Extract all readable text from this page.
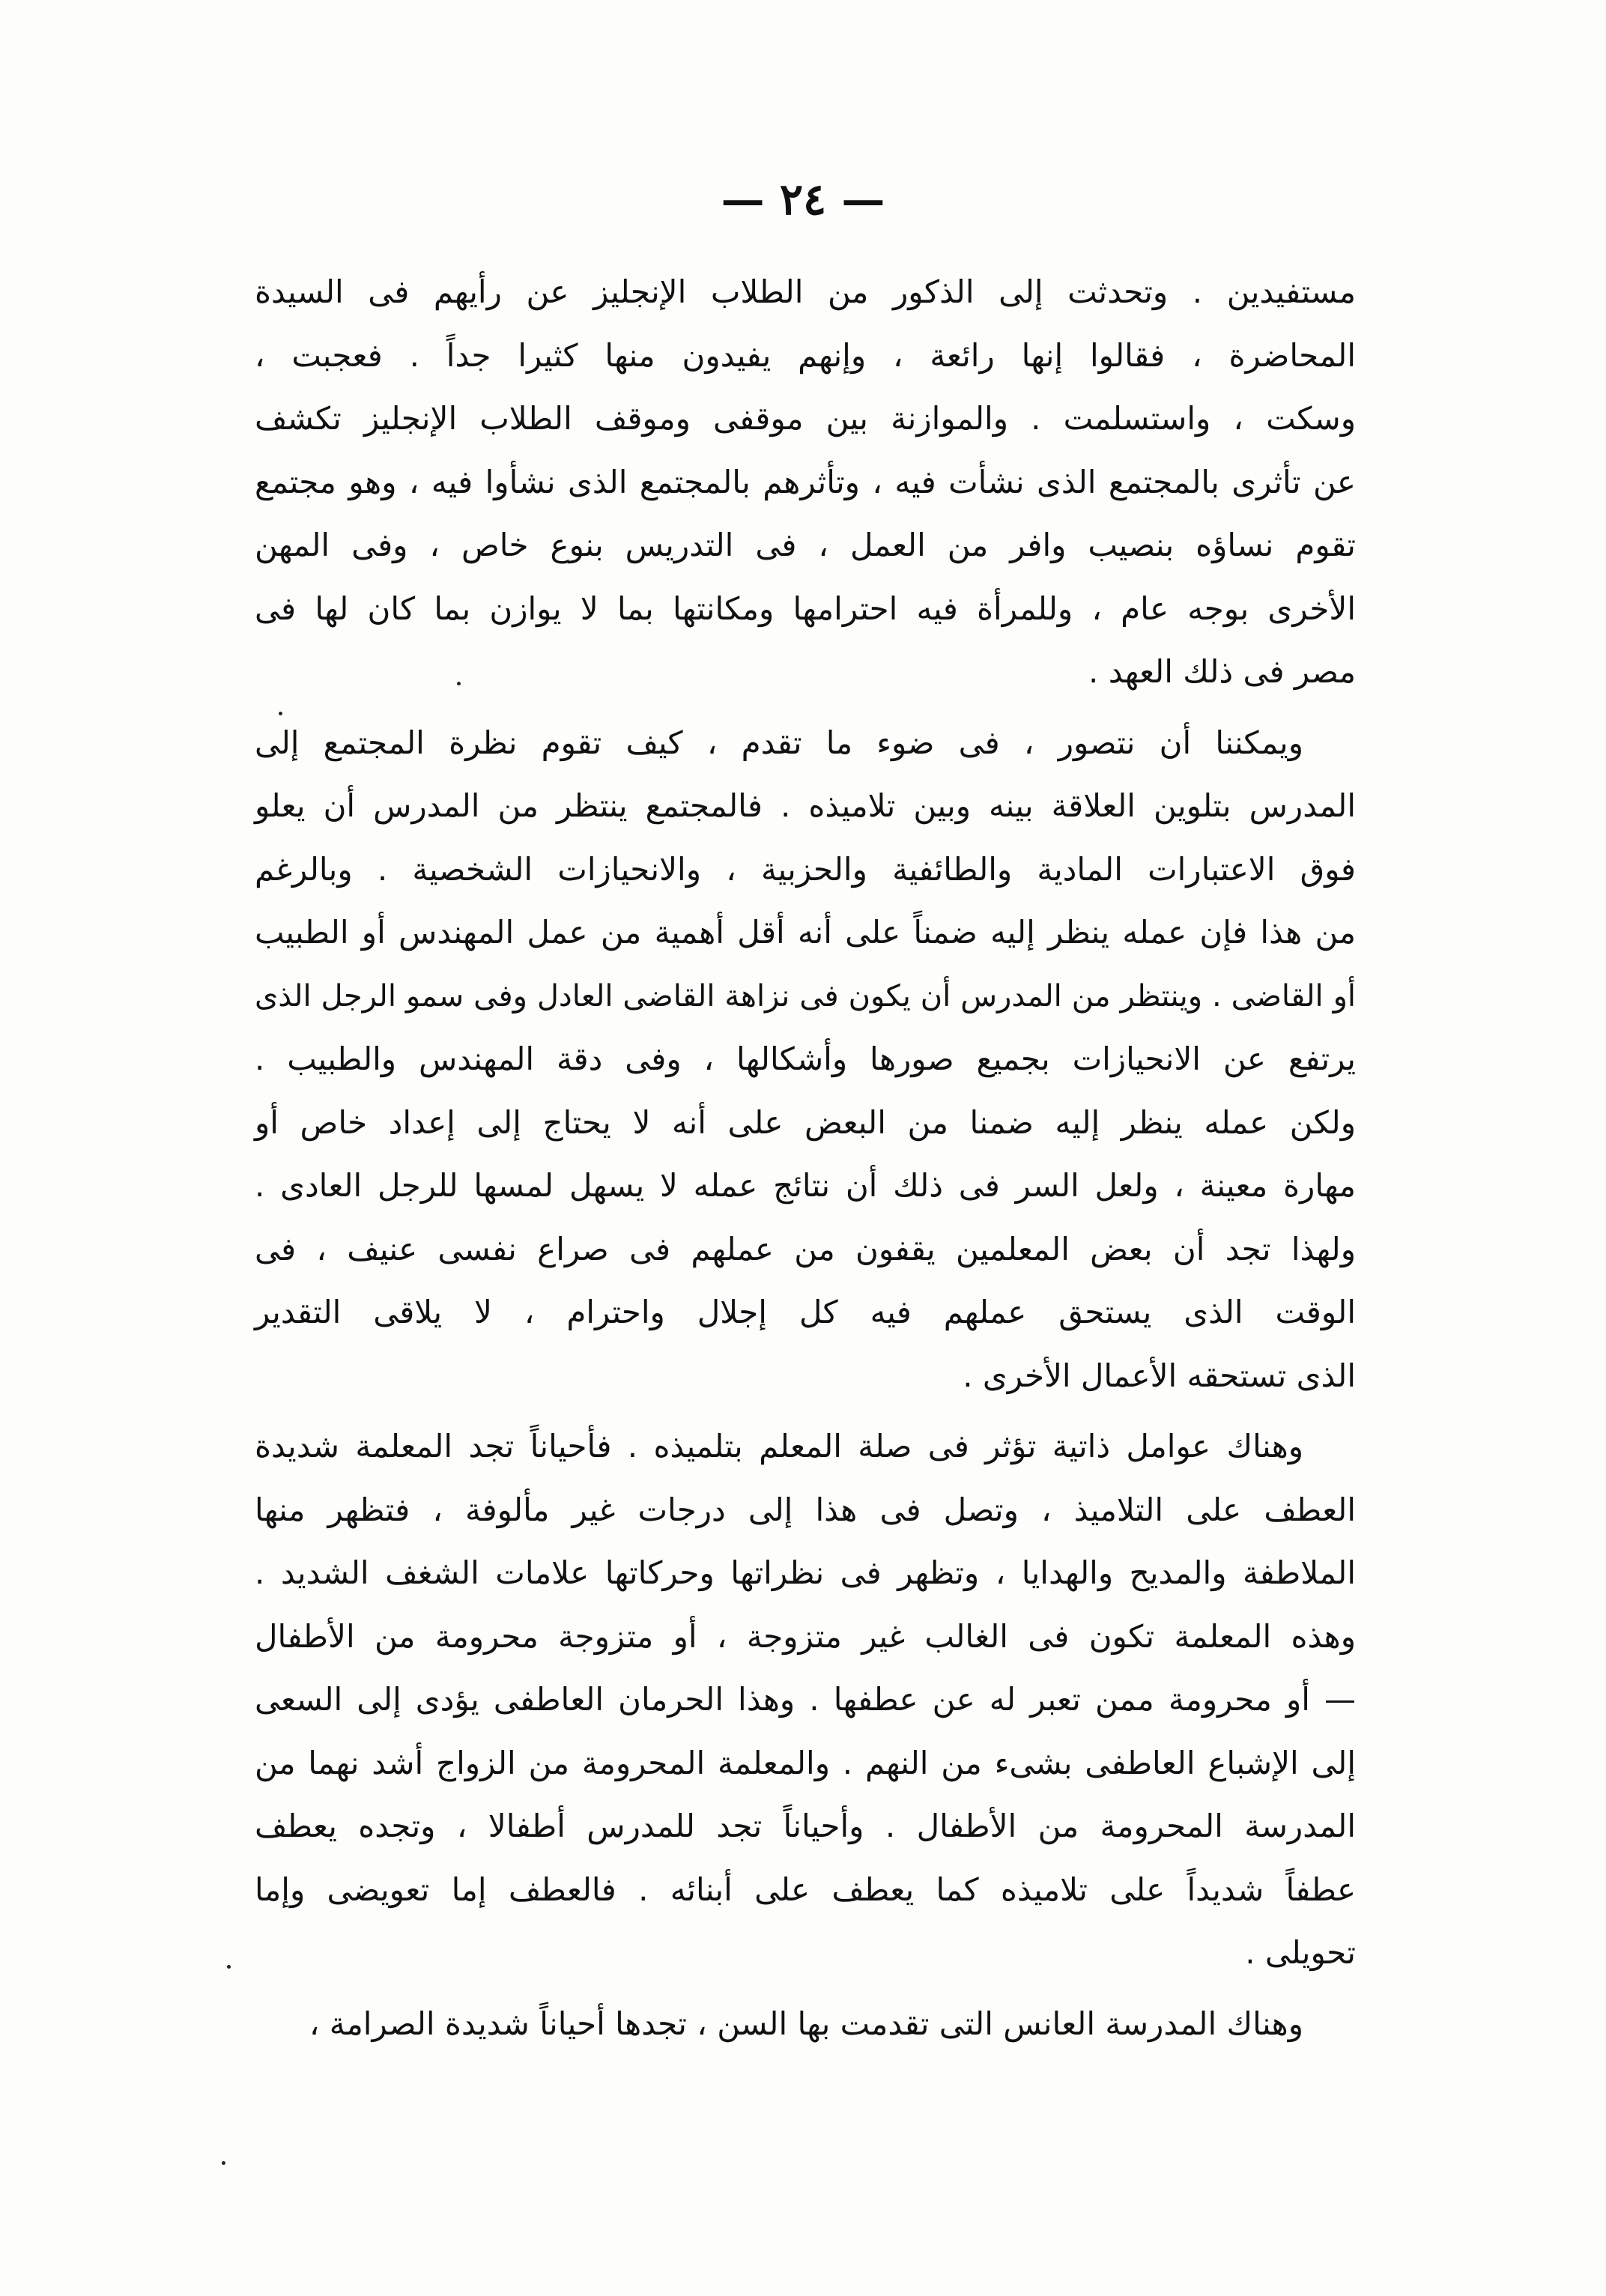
— ٢٤ —
مستفيدين . وتحدثت إلى الذكور من الطلاب الإنجليز عن رأيهم فى السيدة
المحاضرة ، فقالوا إنها رائعة ، وإنهم يفيدون منها كثيرا جداً . فعجبت ،
وسكت ، واستسلمت . والموازنة بين موقفى وموقف الطلاب الإنجليز تكشف
عن تأثرى بالمجتمع الذى نشأت فيه ، وتأثرهم بالمجتمع الذى نشأوا فيه ، وهو مجتمع
تقوم نساؤه بنصيب وافر من العمل ، فى التدريس بنوع خاص ، وفى المهن
الأخرى بوجه عام ، وللمرأة فيه احترامها ومكانتها بما لا يوازن بما كان لها فى
مصر فى ذلك العهد .
ويمكننا أن نتصور ، فى ضوء ما تقدم ، كيف تقوم نظرة المجتمع إلى
المدرس بتلوين العلاقة بينه وبين تلاميذه . فالمجتمع ينتظر من المدرس أن يعلو
فوق الاعتبارات المادية والطائفية والحزبية ، والانحيازات الشخصية . وبالرغم
من هذا فإن عمله ينظر إليه ضمناً على أنه أقل أهمية من عمل المهندس أو الطبيب
أو القاضى . وينتظر من المدرس أن يكون فى نزاهة القاضى العادل وفى سمو الرجل الذى
يرتفع عن الانحيازات بجميع صورها وأشكالها ، وفى دقة المهندس والطبيب .
ولكن عمله ينظر إليه ضمنا من البعض على أنه لا يحتاج إلى إعداد خاص أو
مهارة معينة ، ولعل السر فى ذلك أن نتائج عمله لا يسهل لمسها للرجل العادى .
ولهذا تجد أن بعض المعلمين يقفون من عملهم فى صراع نفسى عنيف ، فى
الوقت الذى يستحق عملهم فيه كل إجلال واحترام ، لا يلاقى التقدير
الذى تستحقه الأعمال الأخرى .
وهناك عوامل ذاتية تؤثر فى صلة المعلم بتلميذه . فأحياناً تجد المعلمة شديدة
العطف على التلاميذ ، وتصل فى هذا إلى درجات غير مألوفة ، فتظهر منها
الملاطفة والمديح والهدايا ، وتظهر فى نظراتها وحركاتها علامات الشغف الشديد .
وهذه المعلمة تكون فى الغالب غير متزوجة ، أو متزوجة محرومة من الأطفال
— أو محرومة ممن تعبر له عن عطفها . وهذا الحرمان العاطفى يؤدى إلى السعى
إلى الإشباع العاطفى بشىء من النهم . والمعلمة المحرومة من الزواج أشد نهما من
المدرسة المحرومة من الأطفال . وأحياناً تجد للمدرس أطفالا ، وتجده يعطف
عطفاً شديداً على تلاميذه كما يعطف على أبنائه . فالعطف إما تعويضى وإما
تحويلى .
وهناك المدرسة العانس التى تقدمت بها السن ، تجدها أحياناً شديدة الصرامة ،
